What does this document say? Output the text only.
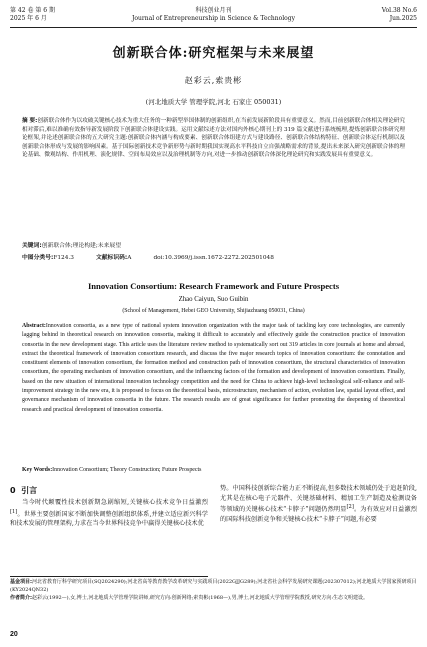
第 42 卷 第 6 期
2025 年 6 月
科技创业月刊
Journal of Entrepreneurship in Science & Technology
Vol.38 No.6
Jun.2025
创新联合体:研究框架与未来展望
赵彩云,索贵彬
(河北地质大学 管理学院,河北 石家庄 050031)
摘 要:创新联合体作为以攻破关键核心技术为重大任务的一种新型举国体制的创新组织,在当前发展新阶段具有重要意义。然而,目前创新联合体相关理论研究相对滞后,难以准确有效指导新发展阶段下创新联合体建设实践。运用文献综述方法对国内外核心期刊上的 319 篇文献进行系统梳理,提炼创新联合体研究理论框架,并论述创新联合体的五大研究主题:创新联合体内涵与构成要素、创新联合体组建方式与建设路径、创新联合体结构特征、创新联合体运行机制以及创新联合体形成与发展的影响因素。基于国际创新技术竞争新形势与新时期我国实现高水平科技自立自强战略需求的背景,提出未来深入研究创新联合体的理论基础、微观结构、作用机理、演化规律、空间布局效应以及治理机制等方向,对进一步推动创新联合体深化理论研究和实践发展具有重要意义。
关键词:创新联合体;理论构建;未来展望
中图分类号:F124.3	文献标识码:A	doi:10.3969/j.issn.1672-2272.202501048
Innovation Consortium: Research Framework and Future Prospects
Zhao Caiyun, Suo Guibin
(School of Management, Hebei GEO University, Shijiazhuang 050031, China)
Abstract:Innovation consortia, as a new type of national system innovation organization with the major task of tackling key core technologies, are currently lagging behind in theoretical research on innovation consortia, making it difficult to accurately and effectively guide the construction practice of innovation consortia in the new development stage. This article uses the literature review method to systematically sort out 319 articles in core journals at home and abroad, extract the theoretical framework of innovation consortium research, and discuss the five major research topics of innovation consortium: the connotation and constituent elements of innovation consortium, the formation method and construction path of innovation consortium, the structural characteristics of innovation consortium, the operating mechanism of innovation consortium, and the influencing factors of the formation and development of innovation consortium. Finally, based on the new situation of international innovation technology competition and the need for China to achieve high-level technological self-reliance and self-improvement strategy in the new era, it is proposed to focus on the theoretical basis, microstructure, mechanism of action, evolution law, spatial layout effect, and governance mechanism of innovation consortia in the future. The research results are of great significance for further promoting the deepening of theoretical research and practical development of innovation consortia.
Key Words:Innovation Consortium; Theory Construction; Future Prospects
0 引言

当今时代颠覆性技术创新期急剧缩短,关键核心技术竞争日益激烈[1]。世界主要创新国家不断加快调整创新组织体系,并建立适应新兴科学和技术发展的管理架构,力求在当今世界科技竞争中赢得关键核心技术优

势。中国科技创新综合能力正不断提高,但多数技术领域仍处于追赶阶段,尤其是在核心电子元器件、关键基础材料、精加工生产制造及检测设备等领域的关键核心技术“卡脖子”问题仍然明显[2]。为有效应对日益激烈的国际科技创新竞争和关键核心技术“卡脖子”问题,有必要

基金项目:河北省教育厅科学研究项目(SQ2024290);河北省高等教育教学改革研究与实践项目(2022GJJG289);河北省社会科学发展研究课题(202307012);河北地质大学国家预研项目(KY2024QN32)
作者简介:赵彩云(1992—),女,博士,河北地质大学管理学院讲师,研究方向:创新网络;索贵彬(1968—),男,博士,河北地质大学管理学院教授,研究方向:生态文明建设。
20
